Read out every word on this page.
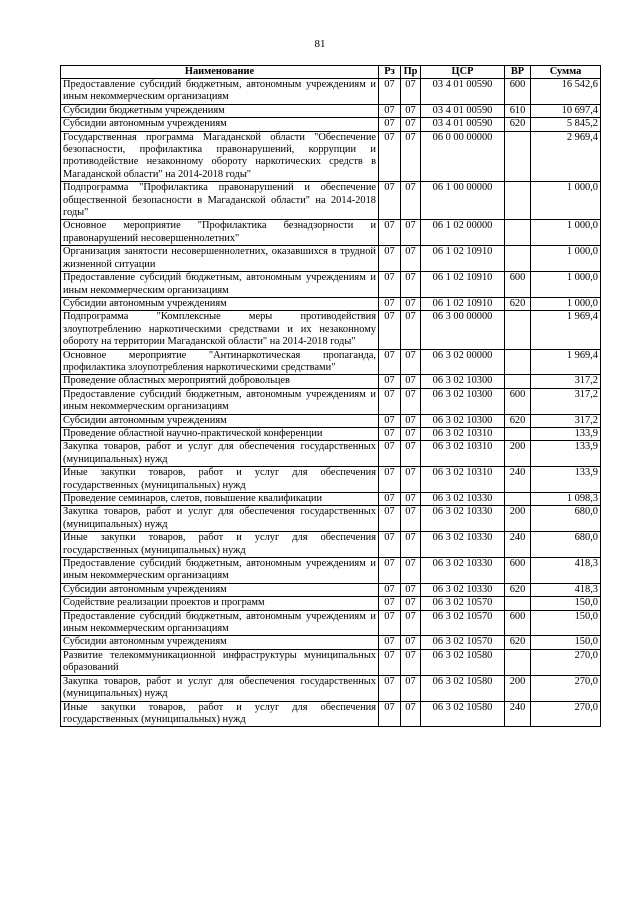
81
Наименование	Рз	Пр	ЦСР	ВР	Сумма
Предоставление субсидий бюджетным, автономным учреждениям и иным некоммерческим организациям	07	07	03 4 01 00590	600	16 542,6
Субсидии бюджетным учреждениям	07	07	03 4 01 00590	610	10 697,4
Субсидии автономным учреждениям	07	07	03 4 01 00590	620	5 845,2
Государственная программа Магаданской области "Обеспечение безопасности, профилактика правонарушений, коррупции и противодействие незаконному обороту наркотических средств в Магаданской области" на 2014-2018 годы"	07	07	06 0 00 00000		2 969,4
Подпрограмма "Профилактика правонарушений и обеспечение общественной безопасности в Магаданской области" на 2014-2018 годы"	07	07	06 1 00 00000		1 000,0
Основное мероприятие "Профилактика безнадзорности и правонарушений несовершеннолетних"	07	07	06 1 02 00000		1 000,0
Организация занятости несовершеннолетних, оказавшихся в трудной жизненной ситуации	07	07	06 1 02 10910		1 000,0
Предоставление субсидий бюджетным, автономным учреждениям и иным некоммерческим организациям	07	07	06 1 02 10910	600	1 000,0
Субсидии автономным учреждениям	07	07	06 1 02 10910	620	1 000,0
Подпрограмма "Комплексные меры противодействия злоупотреблению наркотическими средствами и их незаконному обороту на территории Магаданской области" на 2014-2018 годы"	07	07	06 3 00 00000		1 969,4
Основное мероприятие "Антинаркотическая пропаганда, профилактика злоупотребления наркотическими средствами"	07	07	06 3 02 00000		1 969,4
Проведение областных мероприятий добровольцев	07	07	06 3 02 10300		317,2
Предоставление субсидий бюджетным, автономным учреждениям и иным некоммерческим организациям	07	07	06 3 02 10300	600	317,2
Субсидии автономным учреждениям	07	07	06 3 02 10300	620	317,2
Проведение областной научно-практической конференции	07	07	06 3 02 10310		133,9
Закупка товаров, работ и услуг для обеспечения государственных (муниципальных) нужд	07	07	06 3 02 10310	200	133,9
Иные закупки товаров, работ и услуг для обеспечения государственных (муниципальных) нужд	07	07	06 3 02 10310	240	133,9
Проведение семинаров, слетов, повышение квалификации	07	07	06 3 02 10330		1 098,3
Закупка товаров, работ и услуг для обеспечения государственных (муниципальных) нужд	07	07	06 3 02 10330	200	680,0
Иные закупки товаров, работ и услуг для обеспечения государственных (муниципальных) нужд	07	07	06 3 02 10330	240	680,0
Предоставление субсидий бюджетным, автономным учреждениям и иным некоммерческим организациям	07	07	06 3 02 10330	600	418,3
Субсидии автономным учреждениям	07	07	06 3 02 10330	620	418,3
Содействие реализации проектов и программ	07	07	06 3 02 10570		150,0
Предоставление субсидий бюджетным, автономным учреждениям и иным некоммерческим организациям	07	07	06 3 02 10570	600	150,0
Субсидии автономным учреждениям	07	07	06 3 02 10570	620	150,0
Развитие телекоммуникационной инфраструктуры муниципальных образований	07	07	06 3 02 10580		270,0
Закупка товаров, работ и услуг для обеспечения государственных (муниципальных) нужд	07	07	06 3 02 10580	200	270,0
Иные закупки товаров, работ и услуг для обеспечения государственных (муниципальных) нужд	07	07	06 3 02 10580	240	270,0
